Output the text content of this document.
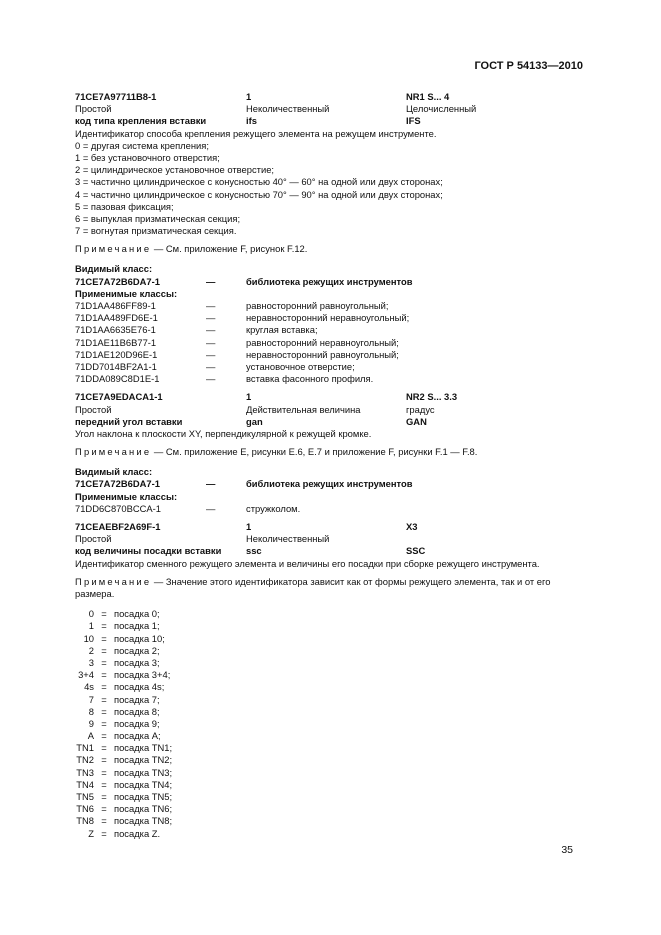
ГОСТ Р 54133—2010
71CE7A97711B8-1	1	NR1 S... 4
Простой	Неколичественный	Целочисленный
код типа крепления вставки	ifs	IFS
Идентификатор способа крепления режущего элемента на режущем инструменте.
0 = другая система крепления;
1 = без установочного отверстия;
2 = цилиндрическое установочное отверстие;
3 = частично цилиндрическое с конусностью 40° — 60° на одной или двух сторонах;
4 = частично цилиндрическое с конусностью 70° — 90° на одной или двух сторонах;
5 = пазовая фиксация;
6 = выпуклая призматическая секция;
7 = вогнутая призматическая секция.
Примечание — См. приложение F, рисунок F.12.
Видимый класс:
71CE7A72B6DA7-1	—	библиотека режущих инструментов
Применимые классы:
71D1AA486FF89-1	—	равносторонний равноугольный;
71D1AA489FD6E-1	—	неравносторонний неравноугольный;
71D1AA6635E76-1	—	круглая вставка;
71D1AE11B6B77-1	—	равносторонний неравноугольный;
71D1AE120D96E-1	—	неравносторонний равноугольный;
71DD7014BF2A1-1	—	установочное отверстие;
71DDA089C8D1E-1	—	вставка фасонного профиля.
71CE7A9EDACA1-1	1	NR2 S... 3.3
Простой	Действительная величина	градус
передний угол вставки	gan	GAN
Угол наклона к плоскости XY, перпендикулярной к режущей кромке.
Примечание — См. приложение E, рисунки E.6, E.7 и приложение F, рисунки F.1 — F.8.
Видимый класс:
71CE7A72B6DA7-1	—	библиотека режущих инструментов
Применимые классы:
71DD6C870BCCA-1	—	стружколом.
71CEAEBF2A69F-1	1	X3
Простой	Неколичественный
код величины посадки вставки	ssc	SSC
Идентификатор сменного режущего элемента и величины его посадки при сборке режущего инструмента.
Примечание — Значение этого идентификатора зависит как от формы режущего элемента, так и от его размера.
0 = посадка 0;
1 = посадка 1;
10 = посадка 10;
2 = посадка 2;
3 = посадка 3;
3+4 = посадка 3+4;
4s = посадка 4s;
7 = посадка 7;
8 = посадка 8;
9 = посадка 9;
A = посадка A;
TN1 = посадка TN1;
TN2 = посадка TN2;
TN3 = посадка TN3;
TN4 = посадка TN4;
TN5 = посадка TN5;
TN6 = посадка TN6;
TN8 = посадка TN8;
Z = посадка Z.
35
